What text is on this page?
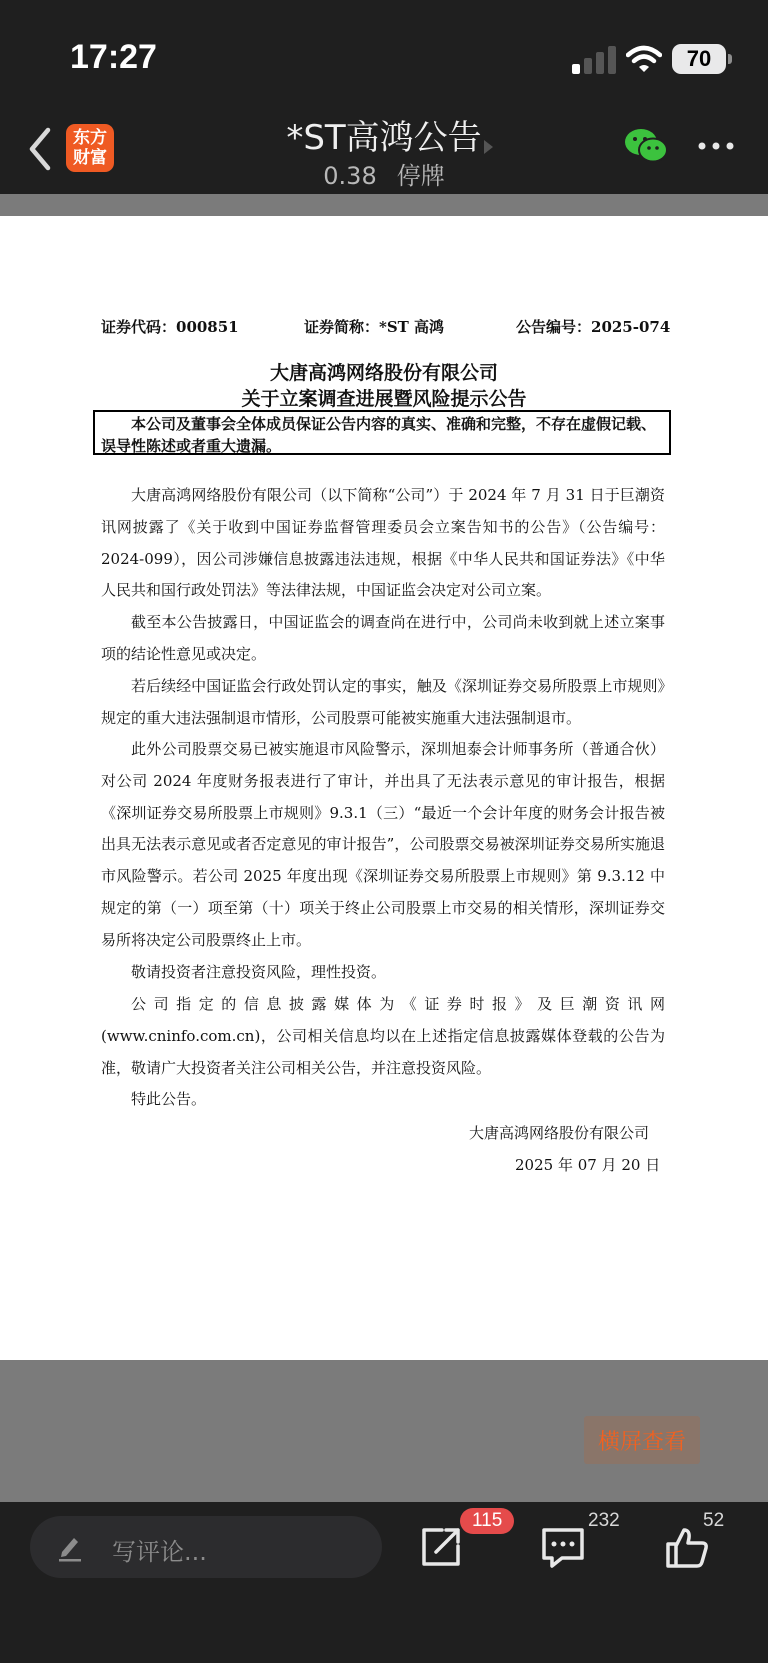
17:27	70
东方
财富	*ST高鸿公告
0.38 停牌
证券代码：000851	证券简称：*ST 高鸿	公告编号：2025-074
大唐高鸿网络股份有限公司
关于立案调查进展暨风险提示公告
本公司及董事会全体成员保证公告内容的真实、准确和完整，不存在虚假记载、误导性陈述或者重大遗漏。
大唐高鸿网络股份有限公司（以下简称“公司”）于 2024 年 7 月 31 日于巨潮资讯网披露了《关于收到中国证券监督管理委员会立案告知书的公告》（公告编号：2024-099），因公司涉嫌信息披露违法违规，根据《中华人民共和国证券法》《中华人民共和国行政处罚法》等法律法规，中国证监会决定对公司立案。
截至本公告披露日，中国证监会的调查尚在进行中，公司尚未收到就上述立案事项的结论性意见或决定。
若后续经中国证监会行政处罚认定的事实，触及《深圳证券交易所股票上市规则》规定的重大违法强制退市情形，公司股票可能被实施重大违法强制退市。
此外公司股票交易已被实施退市风险警示，深圳旭泰会计师事务所（普通合伙）对公司 2024 年度财务报表进行了审计，并出具了无法表示意见的审计报告，根据《深圳证券交易所股票上市规则》9.3.1（三）“最近一个会计年度的财务会计报告被出具无法表示意见或者否定意见的审计报告”，公司股票交易被深圳证券交易所实施退市风险警示。若公司 2025 年度出现《深圳证券交易所股票上市规则》第 9.3.12 中规定的第（一）项至第（十）项关于终止公司股票上市交易的相关情形，深圳证券交易所将决定公司股票终止上市。
敬请投资者注意投资风险，理性投资。
公司指定的信息披露媒体为《证券时报》及巨潮资讯网(www.cninfo.com.cn)，公司相关信息均以在上述指定信息披露媒体登载的公告为准，敬请广大投资者关注公司相关公告，并注意投资风险。
特此公告。
大唐高鸿网络股份有限公司
2025 年 07 月 20 日
横屏查看
写评论...
115	232	52
